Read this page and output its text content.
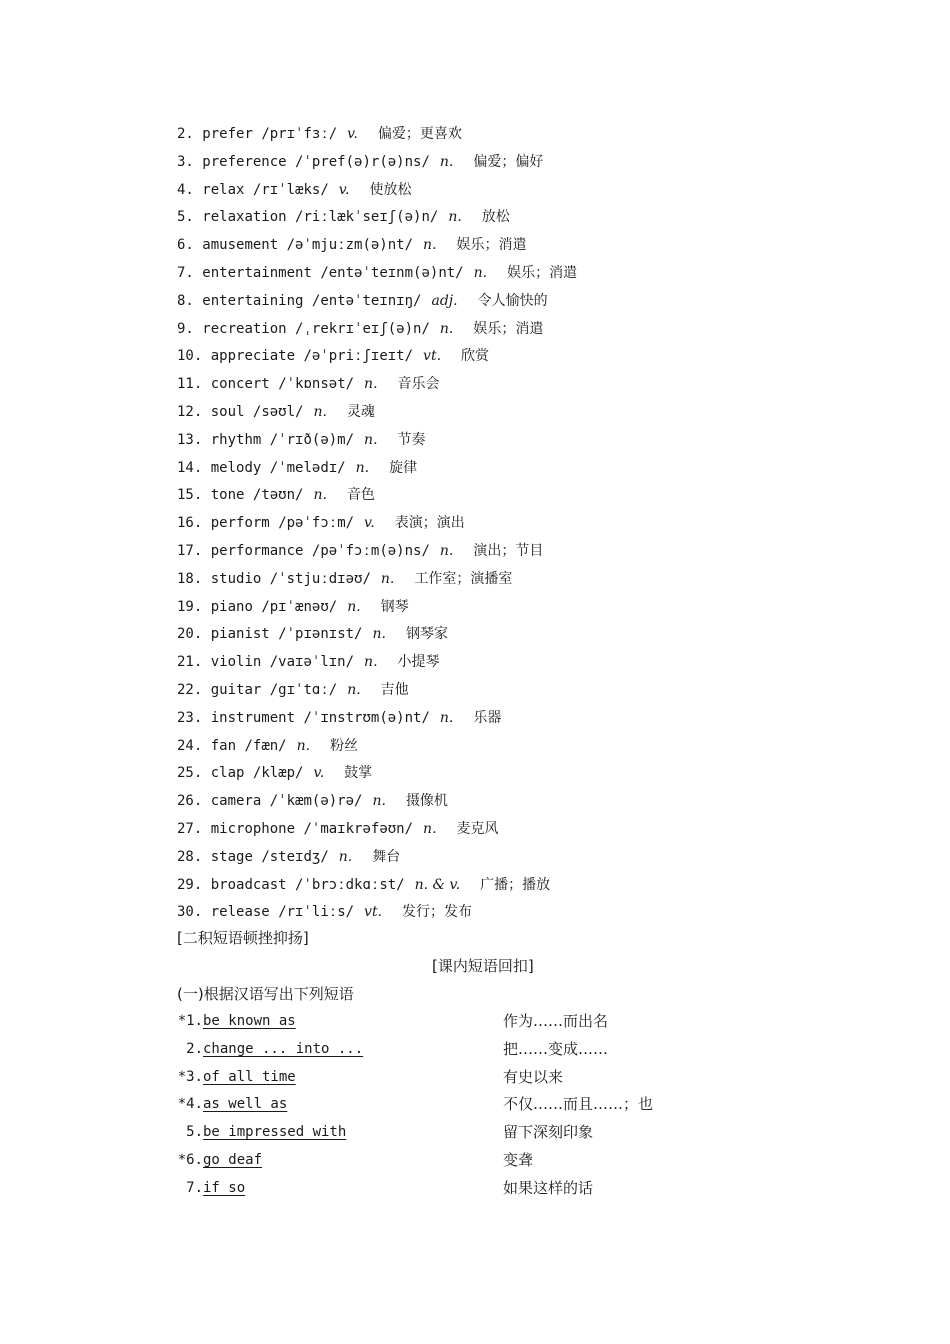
2. prefer /prɪˈfɜː/ v. 偏爱；更喜欢
3. preference /ˈpref(ə)r(ə)ns/ n. 偏爱；偏好
4. relax /rɪˈlæks/ v. 使放松
5. relaxation /riːlækˈseɪʃ(ə)n/ n. 放松
6. amusement /əˈmjuːzm(ə)nt/ n. 娱乐；消遣
7. entertainment /entəˈteɪnm(ə)nt/ n. 娱乐；消遣
8. entertaining /entəˈteɪnɪŋ/ adj. 令人愉快的
9. recreation /ˌrekrɪˈeɪʃ(ə)n/ n. 娱乐；消遣
10. appreciate /əˈpriːʃɪeɪt/ vt. 欣赏
11. concert /ˈkɒnsət/ n. 音乐会
12. soul /səʊl/ n. 灵魂
13. rhythm /ˈrɪð(ə)m/ n. 节奏
14. melody /ˈmelədɪ/ n. 旋律
15. tone /təʊn/ n. 音色
16. perform /pəˈfɔːm/ v. 表演；演出
17. performance /pəˈfɔːm(ə)ns/ n. 演出；节目
18. studio /ˈstjuːdɪəʊ/ n. 工作室；演播室
19. piano /pɪˈænəʊ/ n. 钢琴
20. pianist /ˈpɪənɪst/ n. 钢琴家
21. violin /vaɪəˈlɪn/ n. 小提琴
22. guitar /gɪˈtɑː/ n. 吉他
23. instrument /ˈɪnstrʊm(ə)nt/ n. 乐器
24. fan /fæn/ n. 粉丝
25. clap /klæp/ v. 鼓掌
26. camera /ˈkæm(ə)rə/ n. 摄像机
27. microphone /ˈmaɪkrəfəʊn/ n. 麦克风
28. stage /steɪdʒ/ n. 舞台
29. broadcast /ˈbrɔːdkɑːst/ n. & v. 广播；播放
30. release /rɪˈliːs/ vt. 发行；发布
[二积短语顿挫抑扬]
[课内短语回扣]
(一)根据汉语写出下列短语
*1.be known as	作为……而出名
2.change ... into ...	把……变成……
*3.of all time	有史以来
*4.as well as	不仅……而且……；也
5.be impressed with	留下深刻印象
*6.go deaf	变聋
7.if so	如果这样的话
